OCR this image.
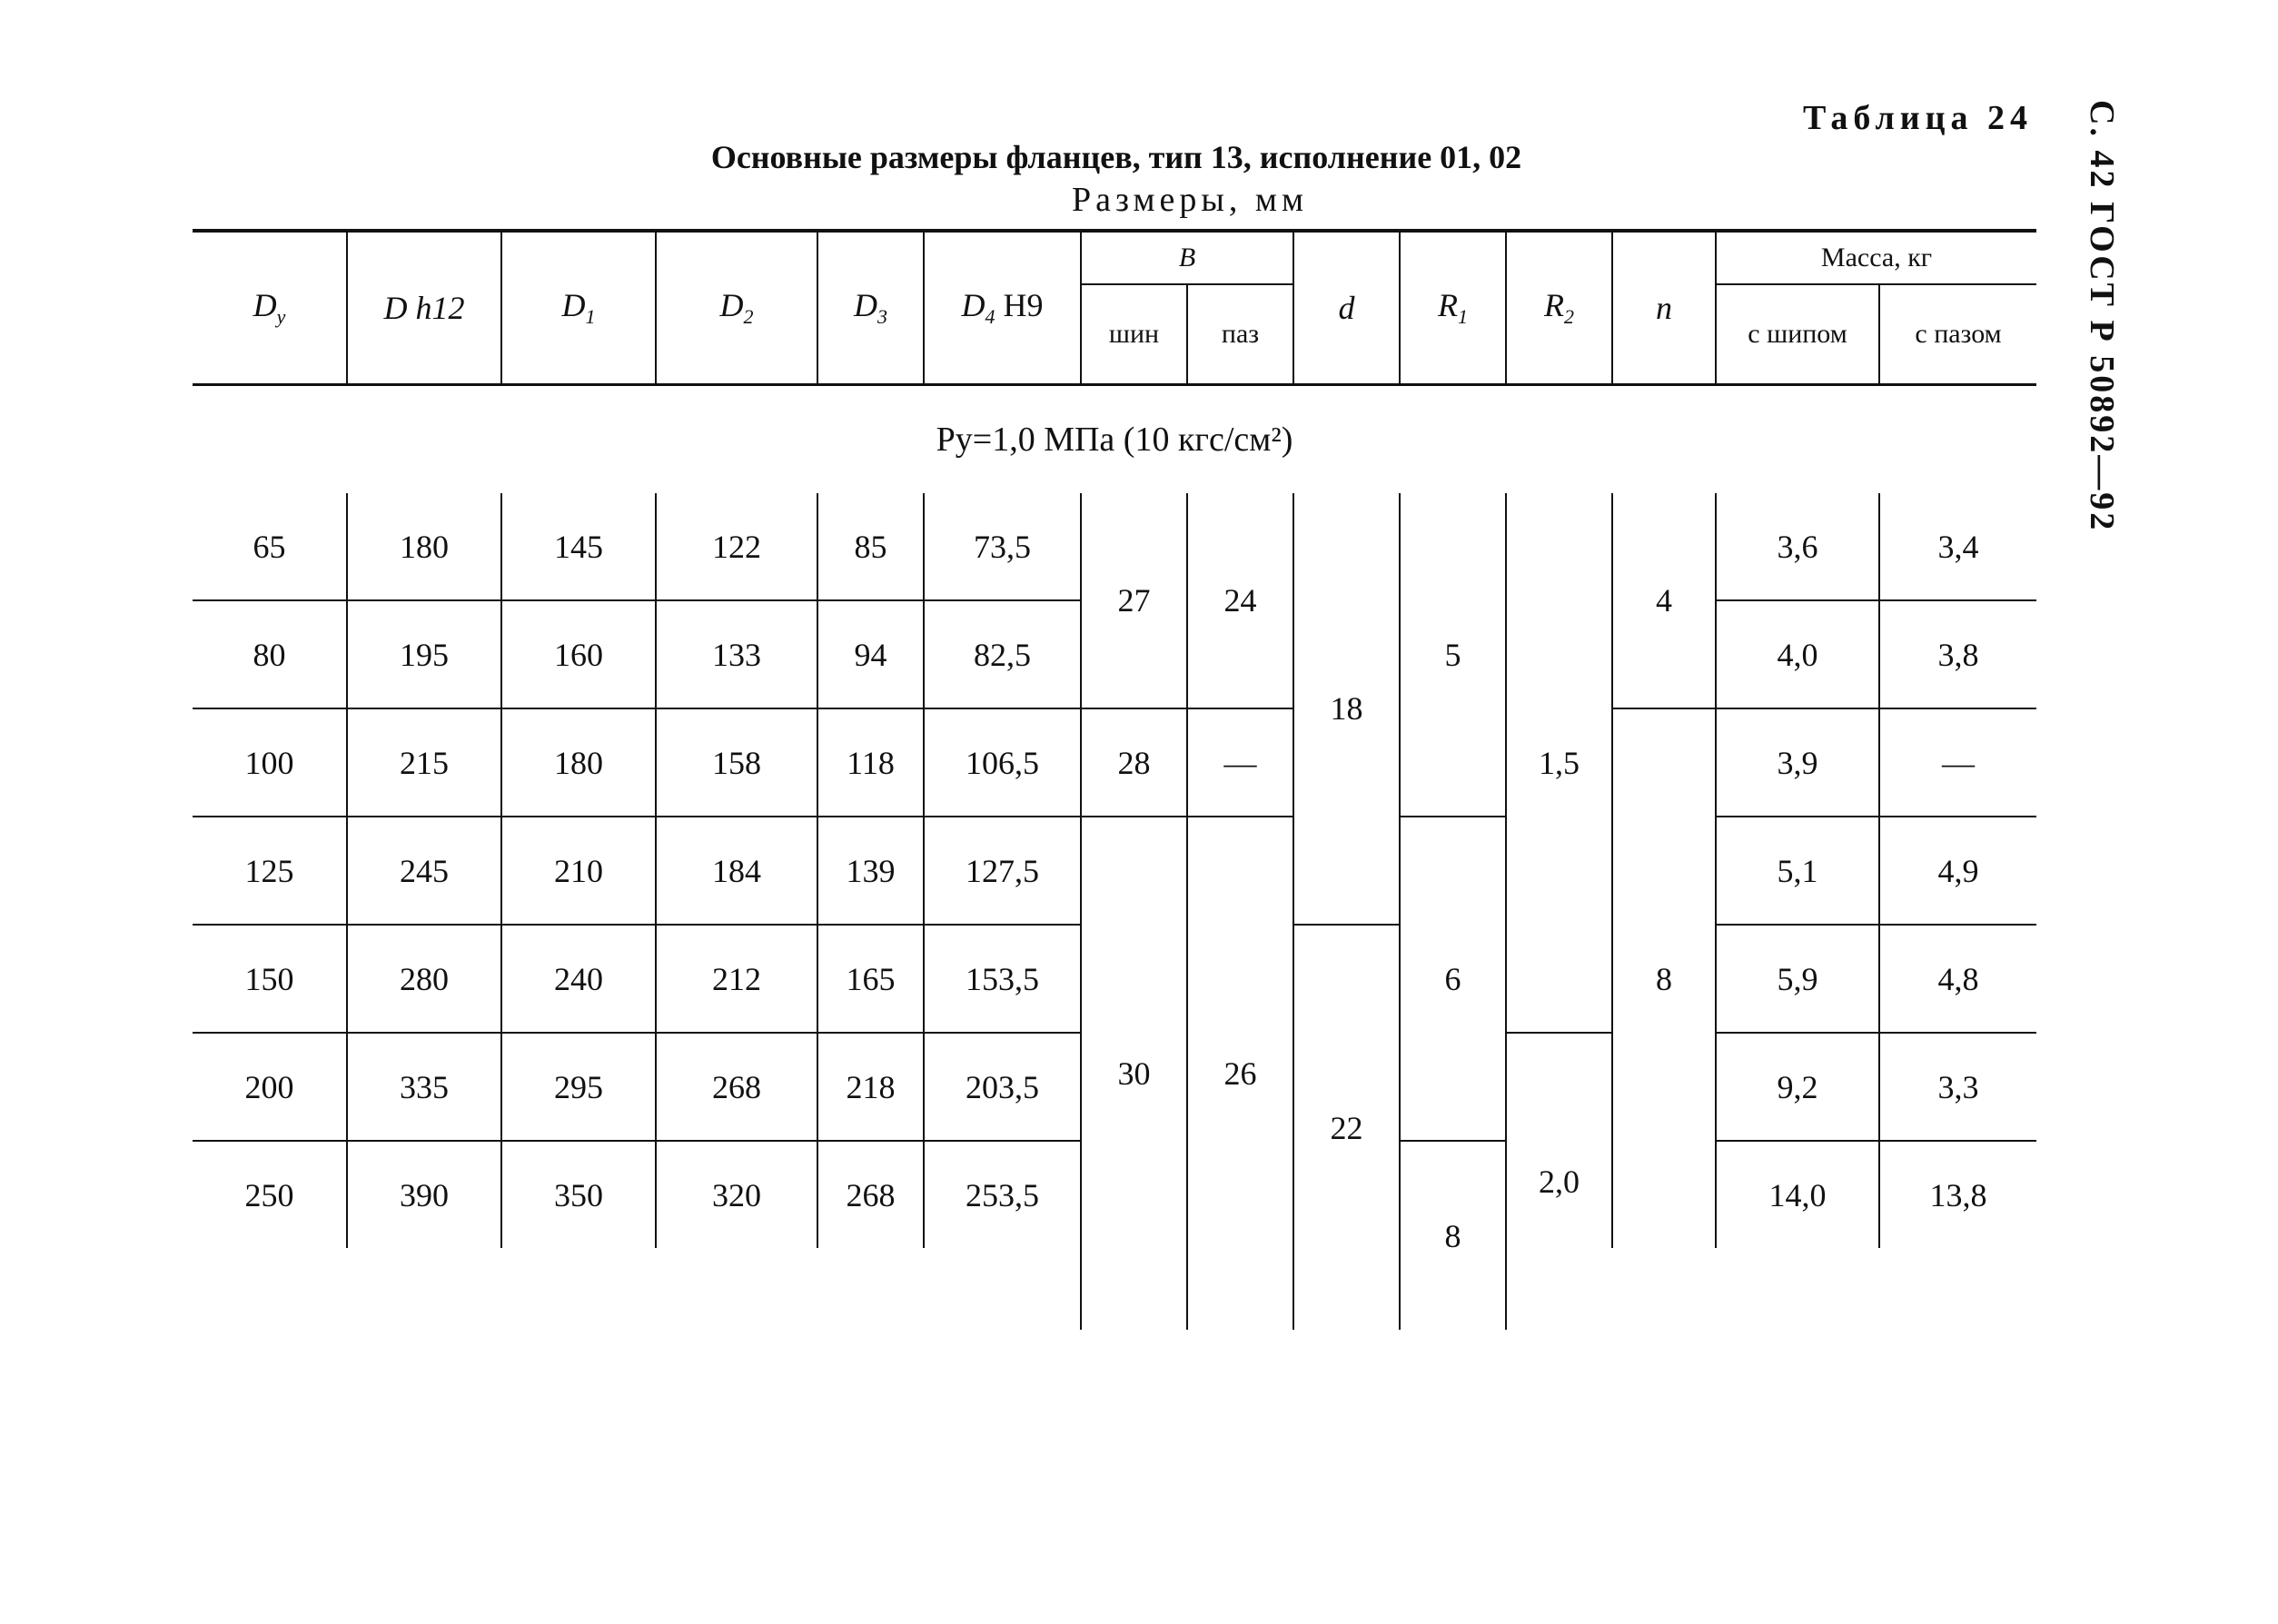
Таблица 24
Основные размеры фланцев, тип 13, исполнение 01, 02
Размеры, мм	С. 42 ГОСТ Р 50892—92
$D_у$	D h12	$D_1$	$D_2$	$D_3$	$D_4$ H9	B		d	$R_1$	$R_2$	n	Масса, кг	
						шин	паз					с шипом	с пазом
Pу=1,0 МПа (10 кгс/см²)													
65	180	145	122	85	73,5	27	24	18	5	1,5	4	3,6	3,4
80	195	160	133	94	82,5							4,0	3,8
100	215	180	158	118	106,5	28	—				8	3,9	—
125	245	210	184	139	127,5	30	26		6			5,1	4,9
150	280	240	212	165	153,5			22				5,9	4,8
200	335	295	268	218	203,5					2,0		9,2	3,3
250	390	350	320	268	253,5				8			14,0	13,8
